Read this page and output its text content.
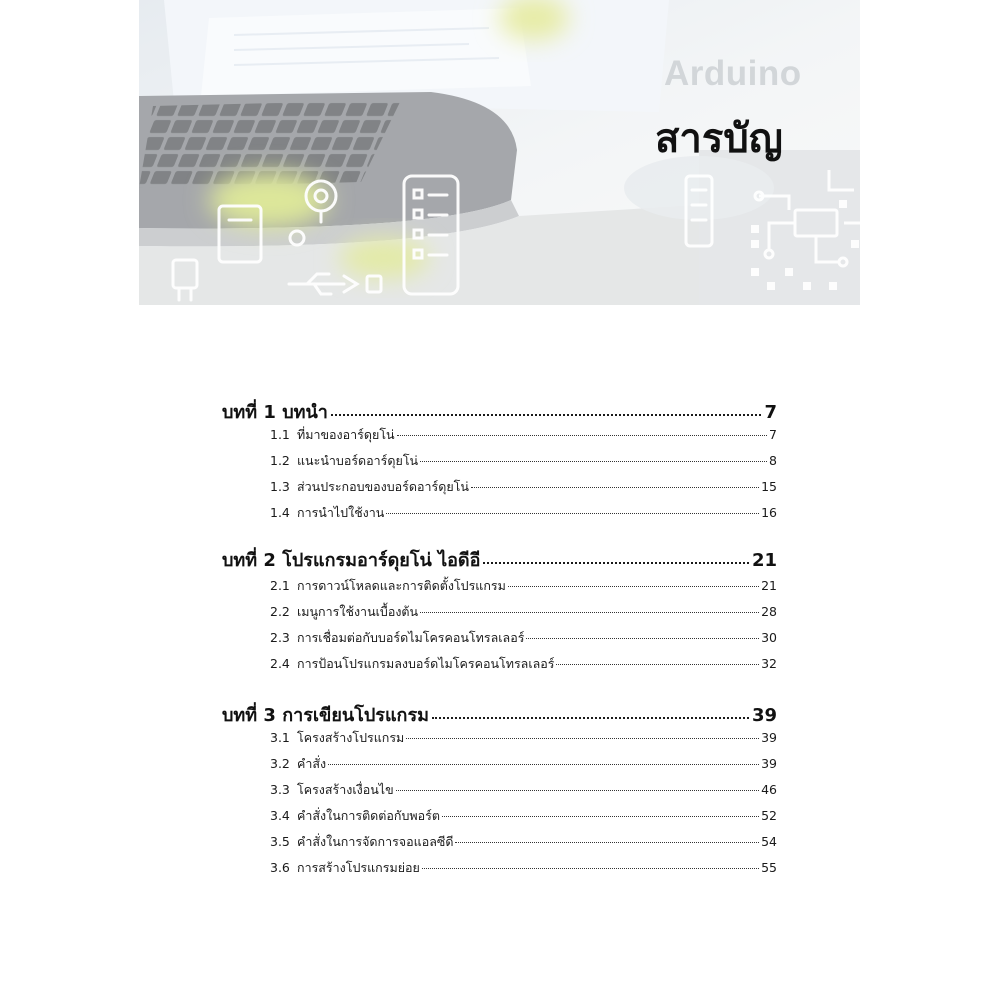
Arduino
สารบัญ
บทที่ 1 บทนำ	7
1.1 ที่มาของอาร์ดุยโน่	7
1.2 แนะนำบอร์ดอาร์ดุยโน่	8
1.3 ส่วนประกอบของบอร์ดอาร์ดุยโน่	15
1.4 การนำไปใช้งาน	16
บทที่ 2 โปรแกรมอาร์ดุยโน่ ไอดีอี	21
2.1 การดาวน์โหลดและการติดตั้งโปรแกรม	21
2.2 เมนูการใช้งานเบื้องต้น	28
2.3 การเชื่อมต่อกับบอร์ดไมโครคอนโทรลเลอร์	30
2.4 การป้อนโปรแกรมลงบอร์ดไมโครคอนโทรลเลอร์	32
บทที่ 3 การเขียนโปรแกรม	39
3.1 โครงสร้างโปรแกรม	39
3.2 คำสั่ง	39
3.3 โครงสร้างเงื่อนไข	46
3.4 คำสั่งในการติดต่อกับพอร์ต	52
3.5 คำสั่งในการจัดการจอแอลซีดี	54
3.6 การสร้างโปรแกรมย่อย	55
